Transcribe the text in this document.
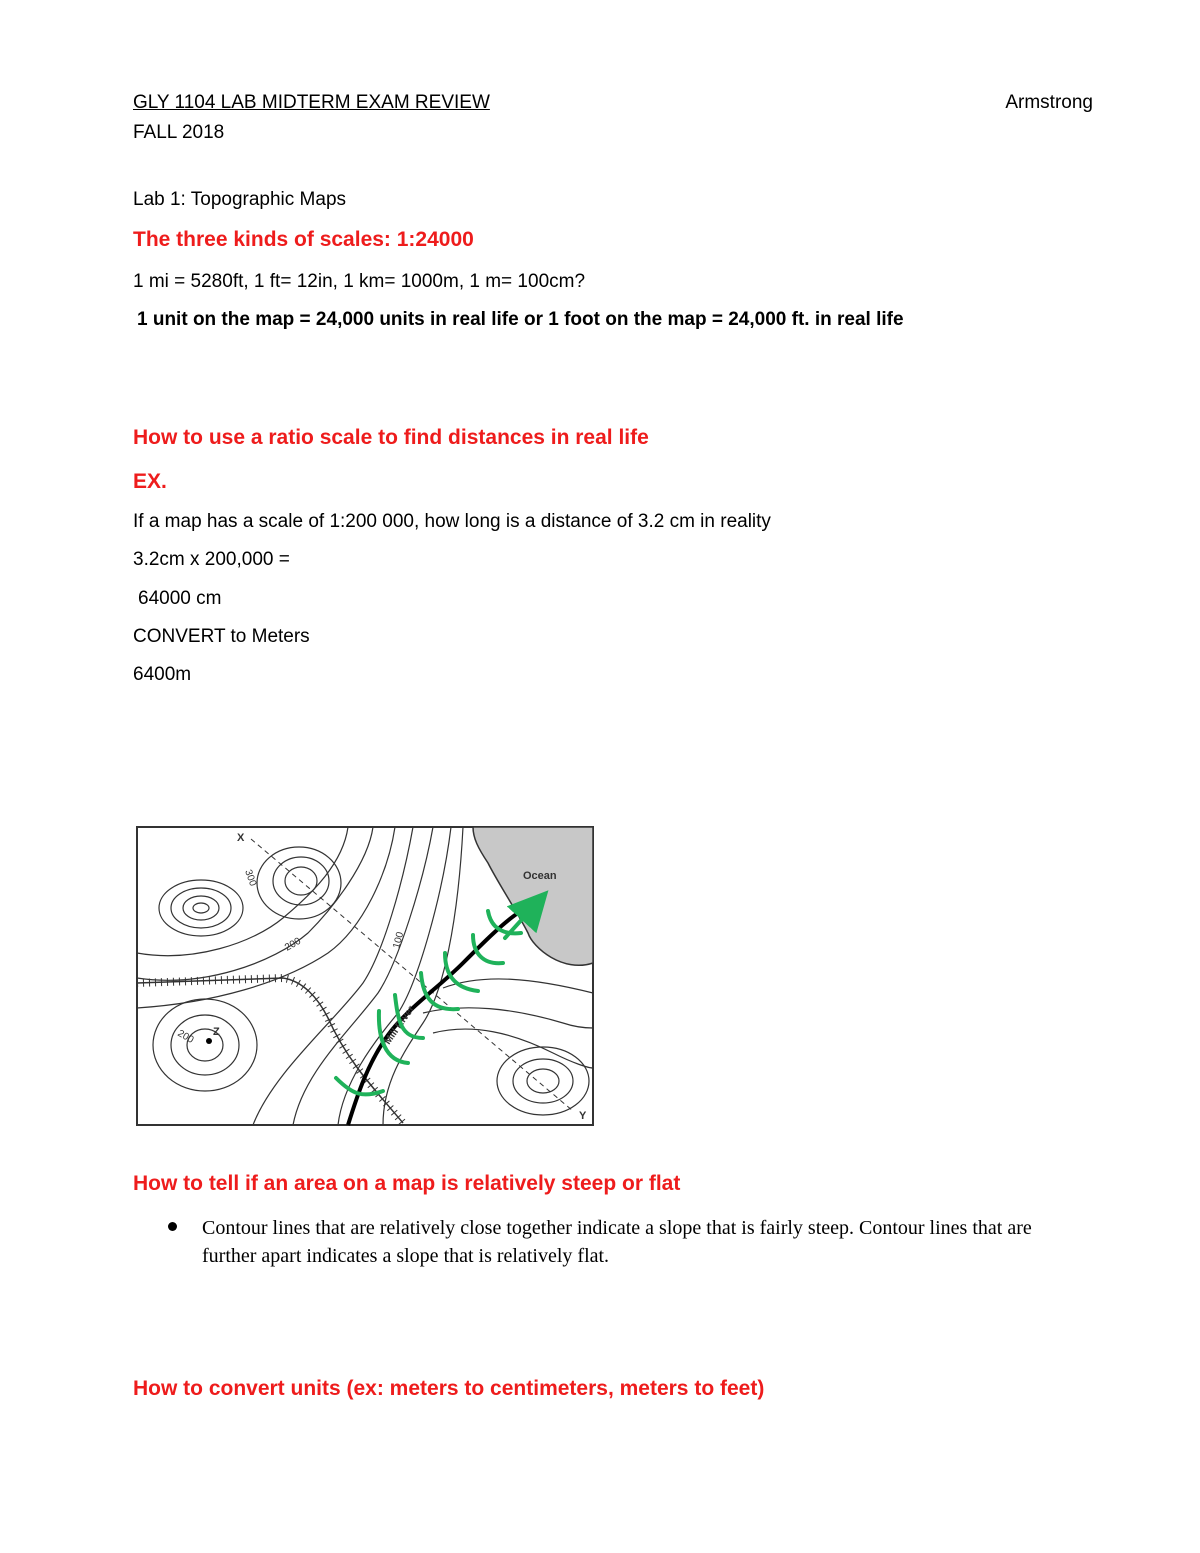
GLY 1104 LAB MIDTERM EXAM REVIEW	Armstrong
FALL 2018
Lab 1: Topographic Maps
The three kinds of scales: 1:24000
1 mi = 5280ft, 1 ft= 12in, 1 km= 1000m, 1 m= 100cm?
1 unit on the map = 24,000 units in real life or 1 foot on the map = 24,000 ft. in real life
How to use a ratio scale to find distances in real life
EX.
If a map has a scale of 1:200 000, how long is a distance of 3.2 cm in reality
3.2cm x 200,000 =
64000 cm
CONVERT to Meters
6400m
Ocean
X
Y
Z
300
200	100
200	Mill River
How to tell if an area on a map is relatively steep or flat
Contour lines that are relatively close together indicate a slope that is fairly steep. Contour lines that are further apart indicates a slope that is relatively flat.
How to convert units (ex: meters to centimeters, meters to feet)
